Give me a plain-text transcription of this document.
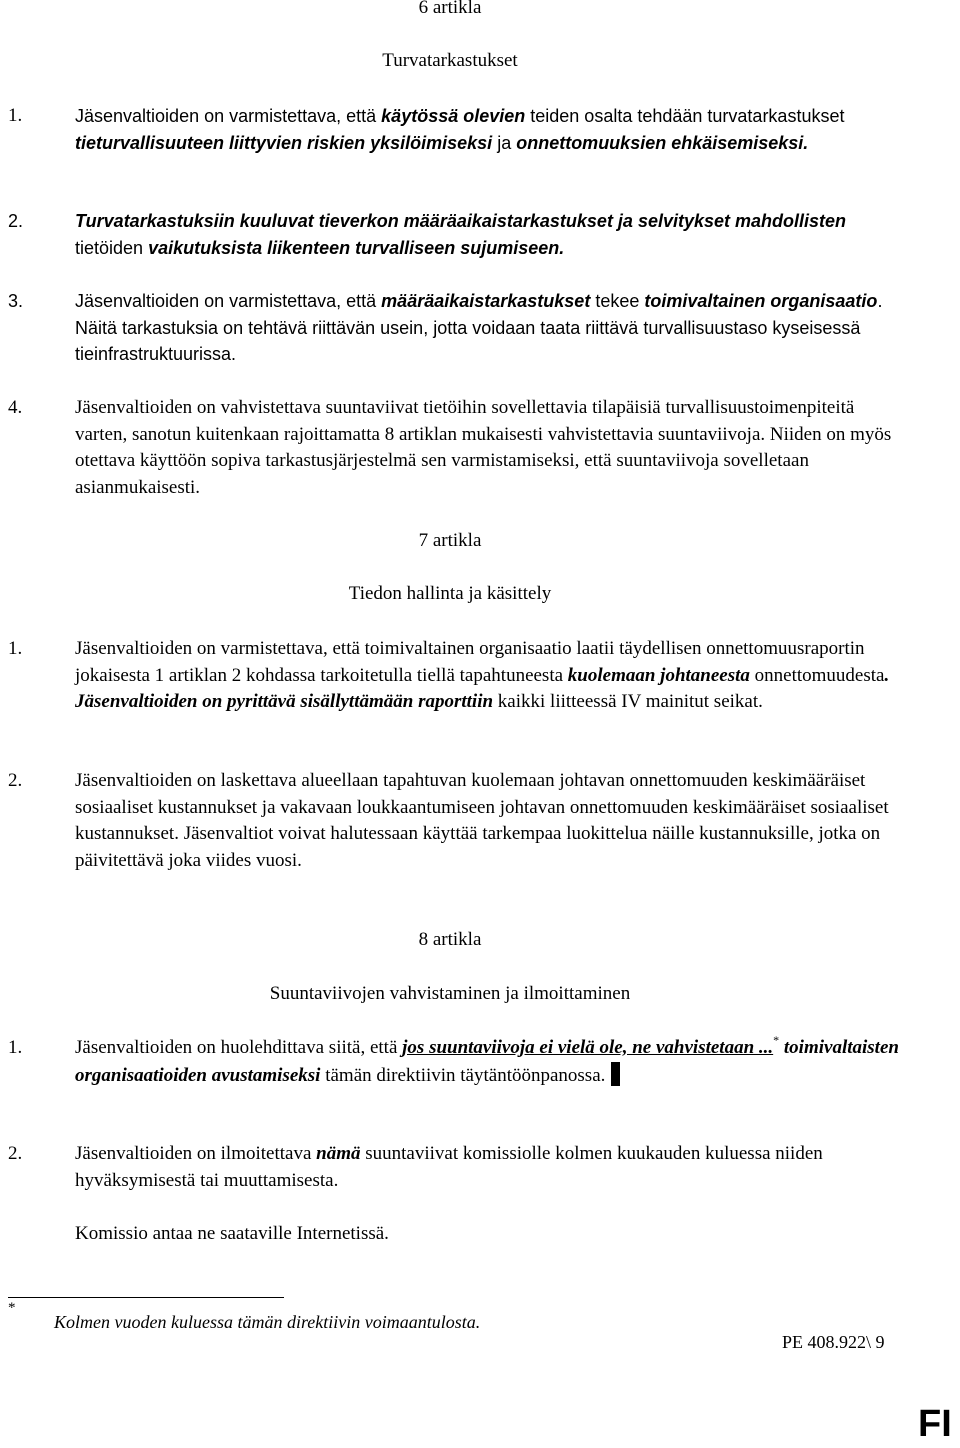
6 artikla
Turvatarkastukset
1.	Jäsenvaltioiden on varmistettava, että käytössä olevien teiden osalta tehdään turvatarkastukset tieturvallisuuteen liittyvien riskien yksilöimiseksi ja onnettomuuksien ehkäisemiseksi.
2.	Turvatarkastuksiin kuuluvat tieverkon määräaikaistarkastukset ja selvitykset mahdollisten tietöiden vaikutuksista liikenteen turvalliseen sujumiseen.
3.	Jäsenvaltioiden on varmistettava, että määräaikaistarkastukset tekee toimivaltainen organisaatio. Näitä tarkastuksia on tehtävä riittävän usein, jotta voidaan taata riittävä turvallisuustaso kyseisessä tieinfrastruktuurissa.
4.	Jäsenvaltioiden on vahvistettava suuntaviivat tietöihin sovellettavia tilapäisiä turvallisuustoimenpiteitä varten, sanotun kuitenkaan rajoittamatta 8 artiklan mukaisesti vahvistettavia suuntaviivoja. Niiden on myös otettava käyttöön sopiva tarkastusjärjestelmä sen varmistamiseksi, että suuntaviivoja sovelletaan asianmukaisesti.
7 artikla
Tiedon hallinta ja käsittely
1.	Jäsenvaltioiden on varmistettava, että toimivaltainen organisaatio laatii täydellisen onnettomuusraportin jokaisesta 1 artiklan 2 kohdassa tarkoitetulla tiellä tapahtuneesta kuolemaan johtaneesta onnettomuudesta. Jäsenvaltioiden on pyrittävä sisällyttämään raporttiin kaikki liitteessä IV mainitut seikat.
2.	Jäsenvaltioiden on laskettava alueellaan tapahtuvan kuolemaan johtavan onnettomuuden keskimääräiset sosiaaliset kustannukset ja vakavaan loukkaantumiseen johtavan onnettomuuden keskimääräiset sosiaaliset kustannukset. Jäsenvaltiot voivat halutessaan käyttää tarkempaa luokittelua näille kustannuksille, jotka on päivitettävä joka viides vuosi.
8 artikla
Suuntaviivojen vahvistaminen ja ilmoittaminen
1.	Jäsenvaltioiden on huolehdittava siitä, että jos suuntaviivoja ei vielä ole, ne vahvistetaan ...* toimivaltaisten organisaatioiden avustamiseksi tämän direktiivin täytäntöönpanossa.
2.	Jäsenvaltioiden on ilmoitettava nämä suuntaviivat komissiolle kolmen kuukauden kuluessa niiden hyväksymisestä tai muuttamisesta.
Komissio antaa ne saataville Internetissä.
*
Kolmen vuoden kuluessa tämän direktiivin voimaantulosta.
PE 408.922\ 9
FI
